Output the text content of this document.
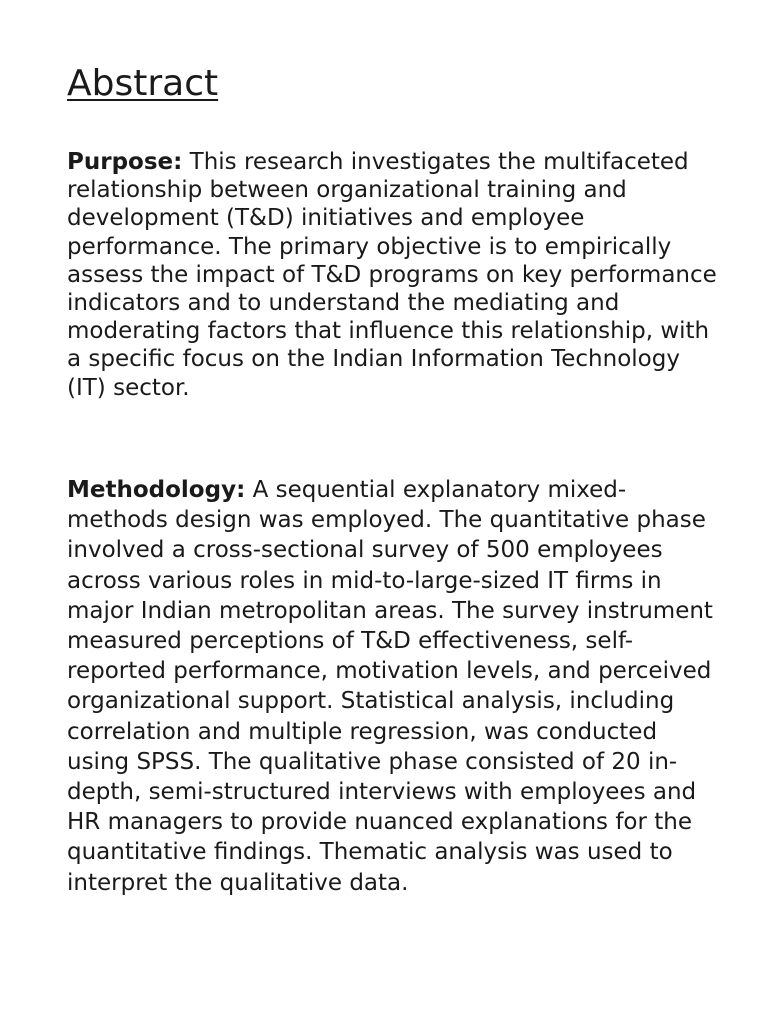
Abstract

Purpose: This research investigates the multifaceted relationship between organizational training and development (T&D) initiatives and employee performance. The primary objective is to empirically assess the impact of T&D programs on key performance indicators and to understand the mediating and moderating factors that influence this relationship, with a specific focus on the Indian Information Technology (IT) sector.

Methodology: A sequential explanatory mixed-methods design was employed. The quantitative phase involved a cross-sectional survey of 500 employees across various roles in mid-to-large-sized IT firms in major Indian metropolitan areas. The survey instrument measured perceptions of T&D effectiveness, self-reported performance, motivation levels, and perceived organizational support. Statistical analysis, including correlation and multiple regression, was conducted using SPSS. The qualitative phase consisted of 20 in-depth, semi-structured interviews with employees and HR managers to provide nuanced explanations for the quantitative findings. Thematic analysis was used to interpret the qualitative data.
